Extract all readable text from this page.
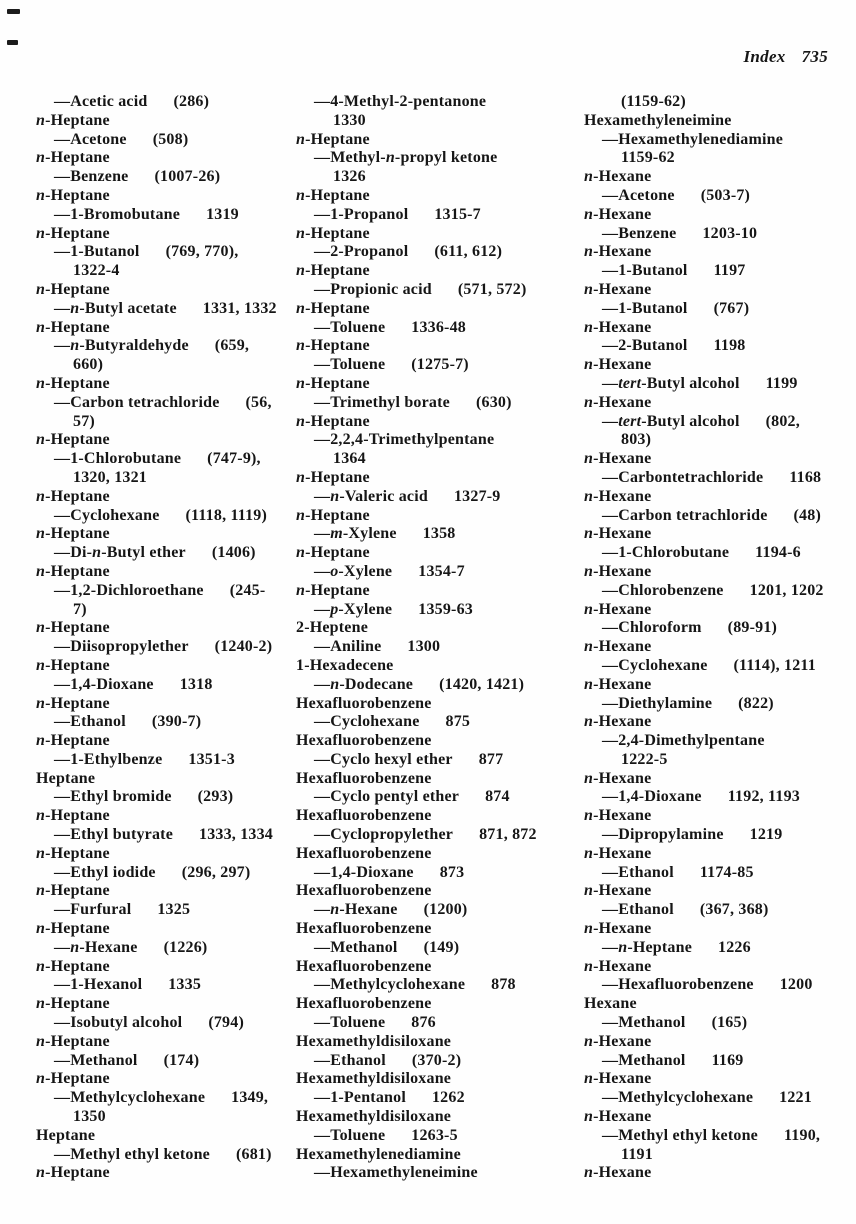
Index 735
—Acetic acid (286)
n-Heptane
—Acetone (508)
n-Heptane
—Benzene (1007-26)
n-Heptane
—1-Bromobutane 1319
n-Heptane
—1-Butanol (769, 770),
1322-4
n-Heptane
—n-Butyl acetate 1331, 1332
n-Heptane
—n-Butyraldehyde (659,
660)
n-Heptane
—Carbon tetrachloride (56,
57)
n-Heptane
—1-Chlorobutane (747-9),
1320, 1321
n-Heptane
—Cyclohexane (1118, 1119)
n-Heptane
—Di-n-Butyl ether (1406)
n-Heptane
—1,2-Dichloroethane (245-
7)
n-Heptane
—Diisopropylether (1240-2)
n-Heptane
—1,4-Dioxane 1318
n-Heptane
—Ethanol (390-7)
n-Heptane
—1-Ethylbenze 1351-3
Heptane
—Ethyl bromide (293)
n-Heptane
—Ethyl butyrate 1333, 1334
n-Heptane
—Ethyl iodide (296, 297)
n-Heptane
—Furfural 1325
n-Heptane
—n-Hexane (1226)
n-Heptane
—1-Hexanol 1335
n-Heptane
—Isobutyl alcohol (794)
n-Heptane
—Methanol (174)
n-Heptane
—Methylcyclohexane 1349,
1350
Heptane
—Methyl ethyl ketone (681)
n-Heptane
—4-Methyl-2-pentanone
1330
n-Heptane
—Methyl-n-propyl ketone
1326
n-Heptane
—1-Propanol 1315-7
n-Heptane
—2-Propanol (611, 612)
n-Heptane
—Propionic acid (571, 572)
n-Heptane
—Toluene 1336-48
n-Heptane
—Toluene (1275-7)
n-Heptane
—Trimethyl borate (630)
n-Heptane
—2,2,4-Trimethylpentane
1364
n-Heptane
—n-Valeric acid 1327-9
n-Heptane
—m-Xylene 1358
n-Heptane
—o-Xylene 1354-7
n-Heptane
—p-Xylene 1359-63
2-Heptene
—Aniline 1300
1-Hexadecene
—n-Dodecane (1420, 1421)
Hexafluorobenzene
—Cyclohexane 875
Hexafluorobenzene
—Cyclo hexyl ether 877
Hexafluorobenzene
—Cyclo pentyl ether 874
Hexafluorobenzene
—Cyclopropylether 871, 872
Hexafluorobenzene
—1,4-Dioxane 873
Hexafluorobenzene
—n-Hexane (1200)
Hexafluorobenzene
—Methanol (149)
Hexafluorobenzene
—Methylcyclohexane 878
Hexafluorobenzene
—Toluene 876
Hexamethyldisiloxane
—Ethanol (370-2)
Hexamethyldisiloxane
—1-Pentanol 1262
Hexamethyldisiloxane
—Toluene 1263-5
Hexamethylenediamine
—Hexamethyleneimine
(1159-62)
Hexamethyleneimine
—Hexamethylenediamine
1159-62
n-Hexane
—Acetone (503-7)
n-Hexane
—Benzene 1203-10
n-Hexane
—1-Butanol 1197
n-Hexane
—1-Butanol (767)
n-Hexane
—2-Butanol 1198
n-Hexane
—tert-Butyl alcohol 1199
n-Hexane
—tert-Butyl alcohol (802,
803)
n-Hexane
—Carbontetrachloride 1168
n-Hexane
—Carbon tetrachloride (48)
n-Hexane
—1-Chlorobutane 1194-6
n-Hexane
—Chlorobenzene 1201, 1202
n-Hexane
—Chloroform (89-91)
n-Hexane
—Cyclohexane (1114), 1211
n-Hexane
—Diethylamine (822)
n-Hexane
—2,4-Dimethylpentane
1222-5
n-Hexane
—1,4-Dioxane 1192, 1193
n-Hexane
—Dipropylamine 1219
n-Hexane
—Ethanol 1174-85
n-Hexane
—Ethanol (367, 368)
n-Hexane
—n-Heptane 1226
n-Hexane
—Hexafluorobenzene 1200
Hexane
—Methanol (165)
n-Hexane
—Methanol 1169
n-Hexane
—Methylcyclohexane 1221
n-Hexane
—Methyl ethyl ketone 1190,
1191
n-Hexane
